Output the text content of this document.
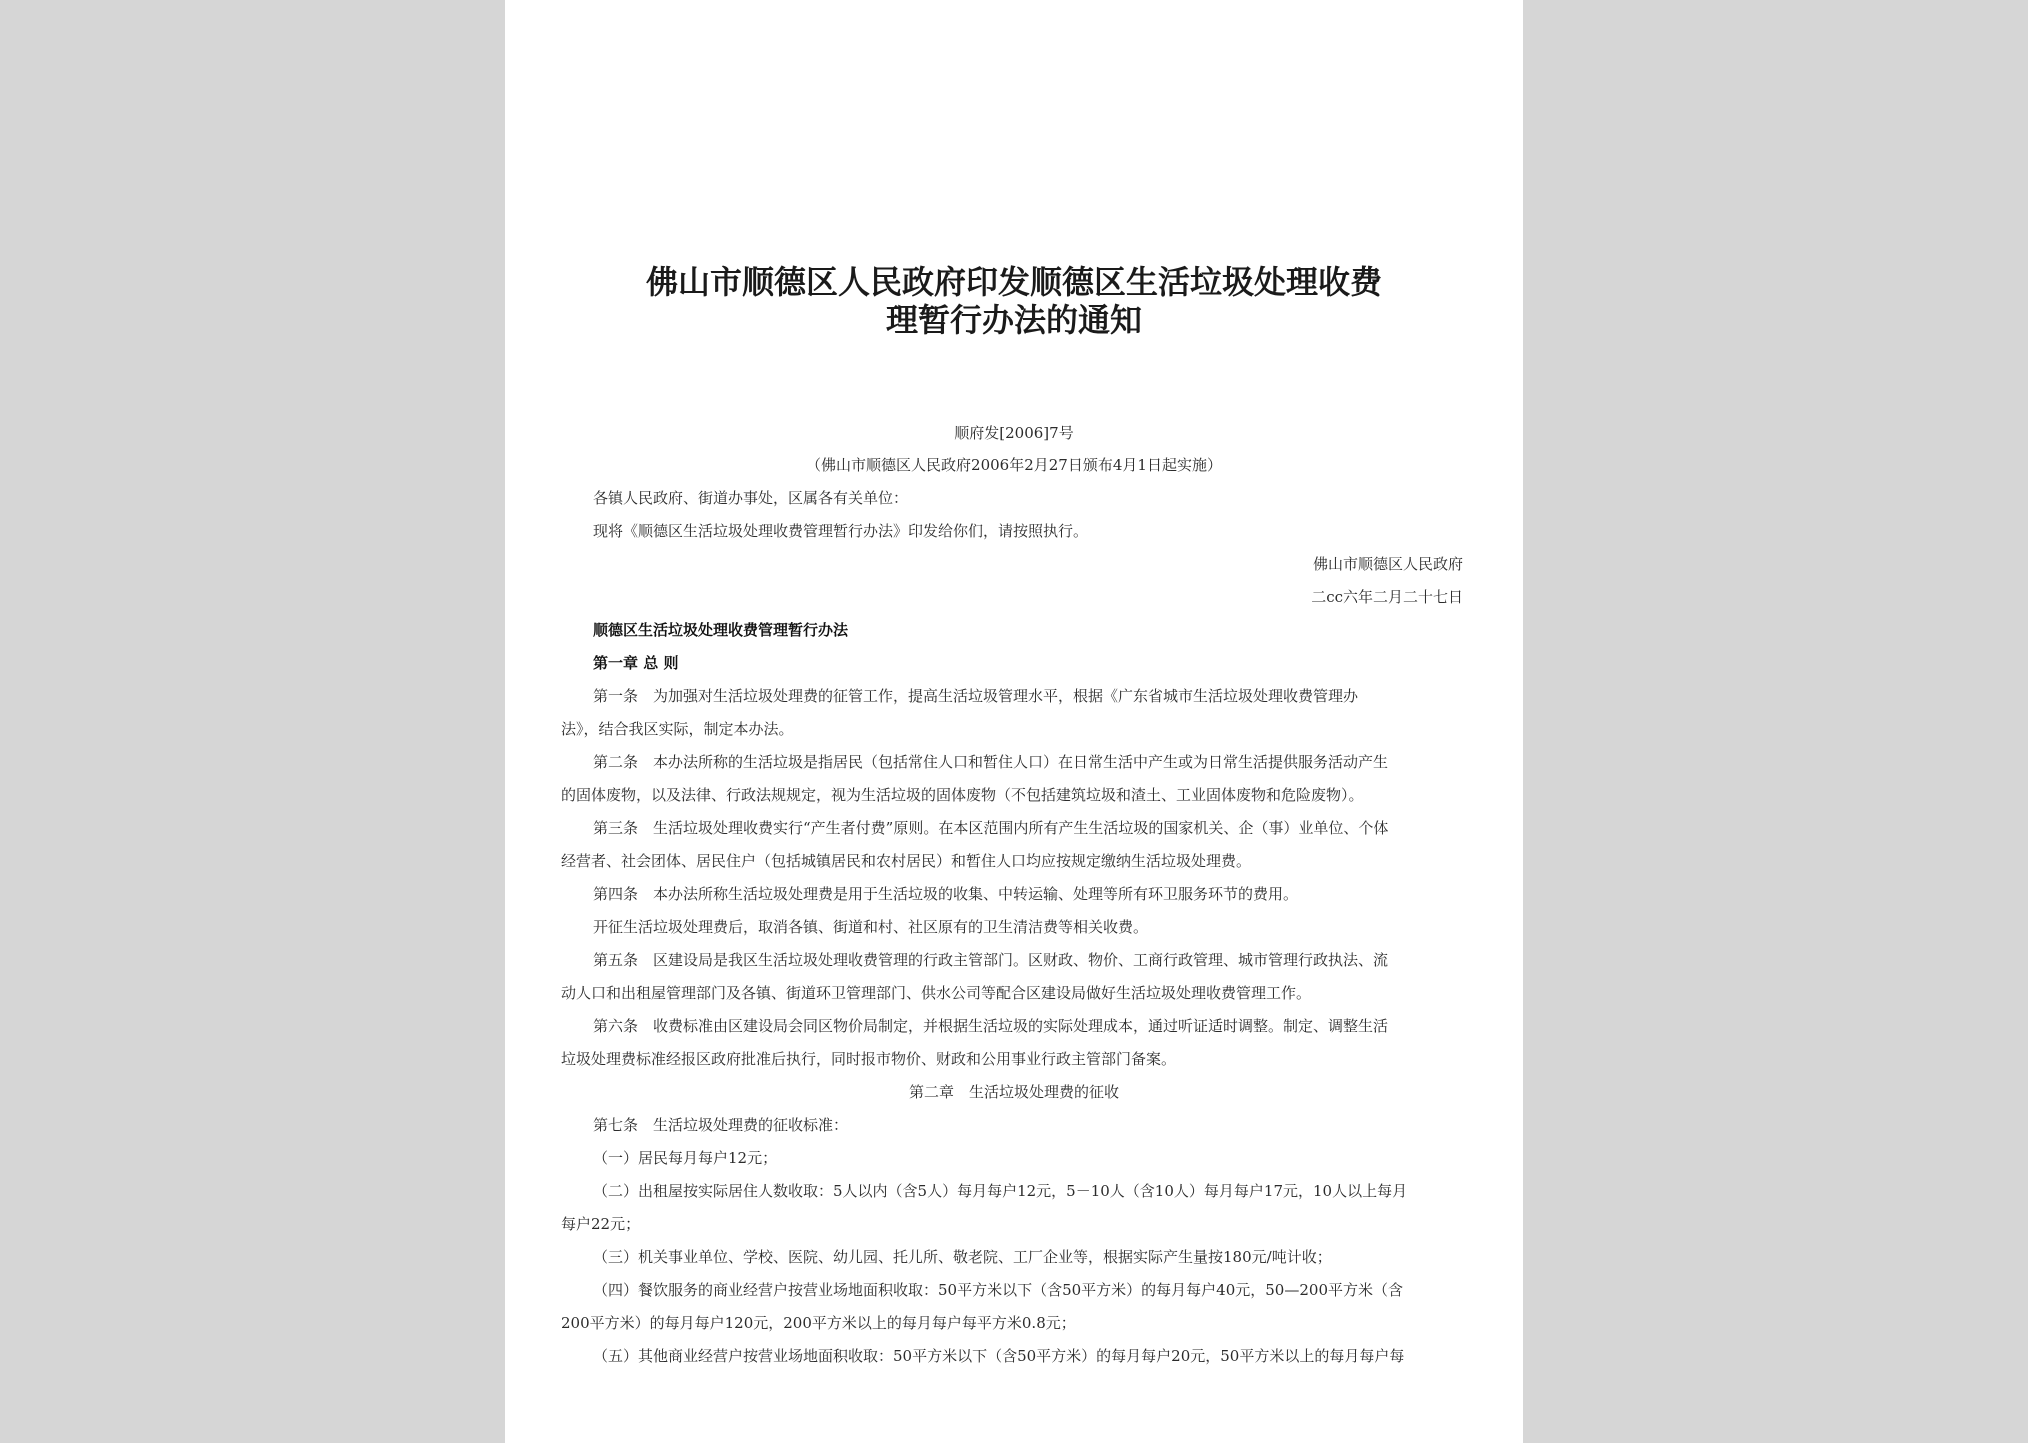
佛山市顺德区人民政府印发顺德区生活垃圾处理收费
理暂行办法的通知
顺府发[2006]7号
（佛山市顺德区人民政府2006年2月27日颁布4月1日起实施）
各镇人民政府、街道办事处，区属各有关单位：
现将《顺德区生活垃圾处理收费管理暂行办法》印发给你们，请按照执行。
佛山市顺德区人民政府
二cc六年二月二十七日
顺德区生活垃圾处理收费管理暂行办法
第一章 总 则
第一条　为加强对生活垃圾处理费的征管工作，提高生活垃圾管理水平，根据《广东省城市生活垃圾处理收费管理办
法》，结合我区实际，制定本办法。
第二条　本办法所称的生活垃圾是指居民（包括常住人口和暂住人口）在日常生活中产生或为日常生活提供服务活动产生
的固体废物，以及法律、行政法规规定，视为生活垃圾的固体废物（不包括建筑垃圾和渣土、工业固体废物和危险废物）。
第三条　生活垃圾处理收费实行“产生者付费”原则。在本区范围内所有产生生活垃圾的国家机关、企（事）业单位、个体
经营者、社会团体、居民住户（包括城镇居民和农村居民）和暂住人口均应按规定缴纳生活垃圾处理费。
第四条　本办法所称生活垃圾处理费是用于生活垃圾的收集、中转运输、处理等所有环卫服务环节的费用。
开征生活垃圾处理费后，取消各镇、街道和村、社区原有的卫生清洁费等相关收费。
第五条　区建设局是我区生活垃圾处理收费管理的行政主管部门。区财政、物价、工商行政管理、城市管理行政执法、流
动人口和出租屋管理部门及各镇、街道环卫管理部门、供水公司等配合区建设局做好生活垃圾处理收费管理工作。
第六条　收费标准由区建设局会同区物价局制定，并根据生活垃圾的实际处理成本，通过听证适时调整。制定、调整生活
垃圾处理费标准经报区政府批准后执行，同时报市物价、财政和公用事业行政主管部门备案。
第二章　生活垃圾处理费的征收
第七条　生活垃圾处理费的征收标准：
（一）居民每月每户12元；
（二）出租屋按实际居住人数收取：5人以内（含5人）每月每户12元，5－10人（含10人）每月每户17元，10人以上每月
每户22元；
（三）机关事业单位、学校、医院、幼儿园、托儿所、敬老院、工厂企业等，根据实际产生量按180元/吨计收；
（四）餐饮服务的商业经营户按营业场地面积收取：50平方米以下（含50平方米）的每月每户40元，50—200平方米（含
200平方米）的每月每户120元，200平方米以上的每月每户每平方米0.8元；
（五）其他商业经营户按营业场地面积收取：50平方米以下（含50平方米）的每月每户20元，50平方米以上的每月每户每
